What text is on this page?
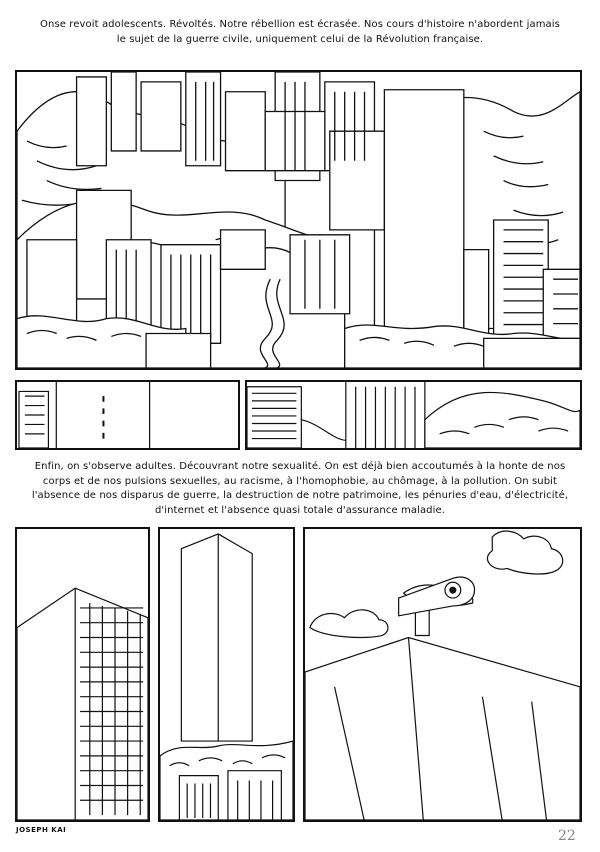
Onse revoit adolescents. Révoltés. Notre rébellion est écrasée. Nos cours d'histoire n'abordent jamais le sujet de la guerre civile, uniquement celui de la Révolution française.
Enfin, on s'observe adultes. Découvrant notre sexualité. On est déjà bien accoutumés à la honte de nos corps et de nos pulsions sexuelles, au racisme, à l'homophobie, au chômage, à la pollution. On subit l'absence de nos disparus de guerre, la destruction de notre patrimoine, les pénuries d'eau, d'électricité, d'internet et l'absence quasi totale d'assurance maladie.
JOSEPH KAI	22
